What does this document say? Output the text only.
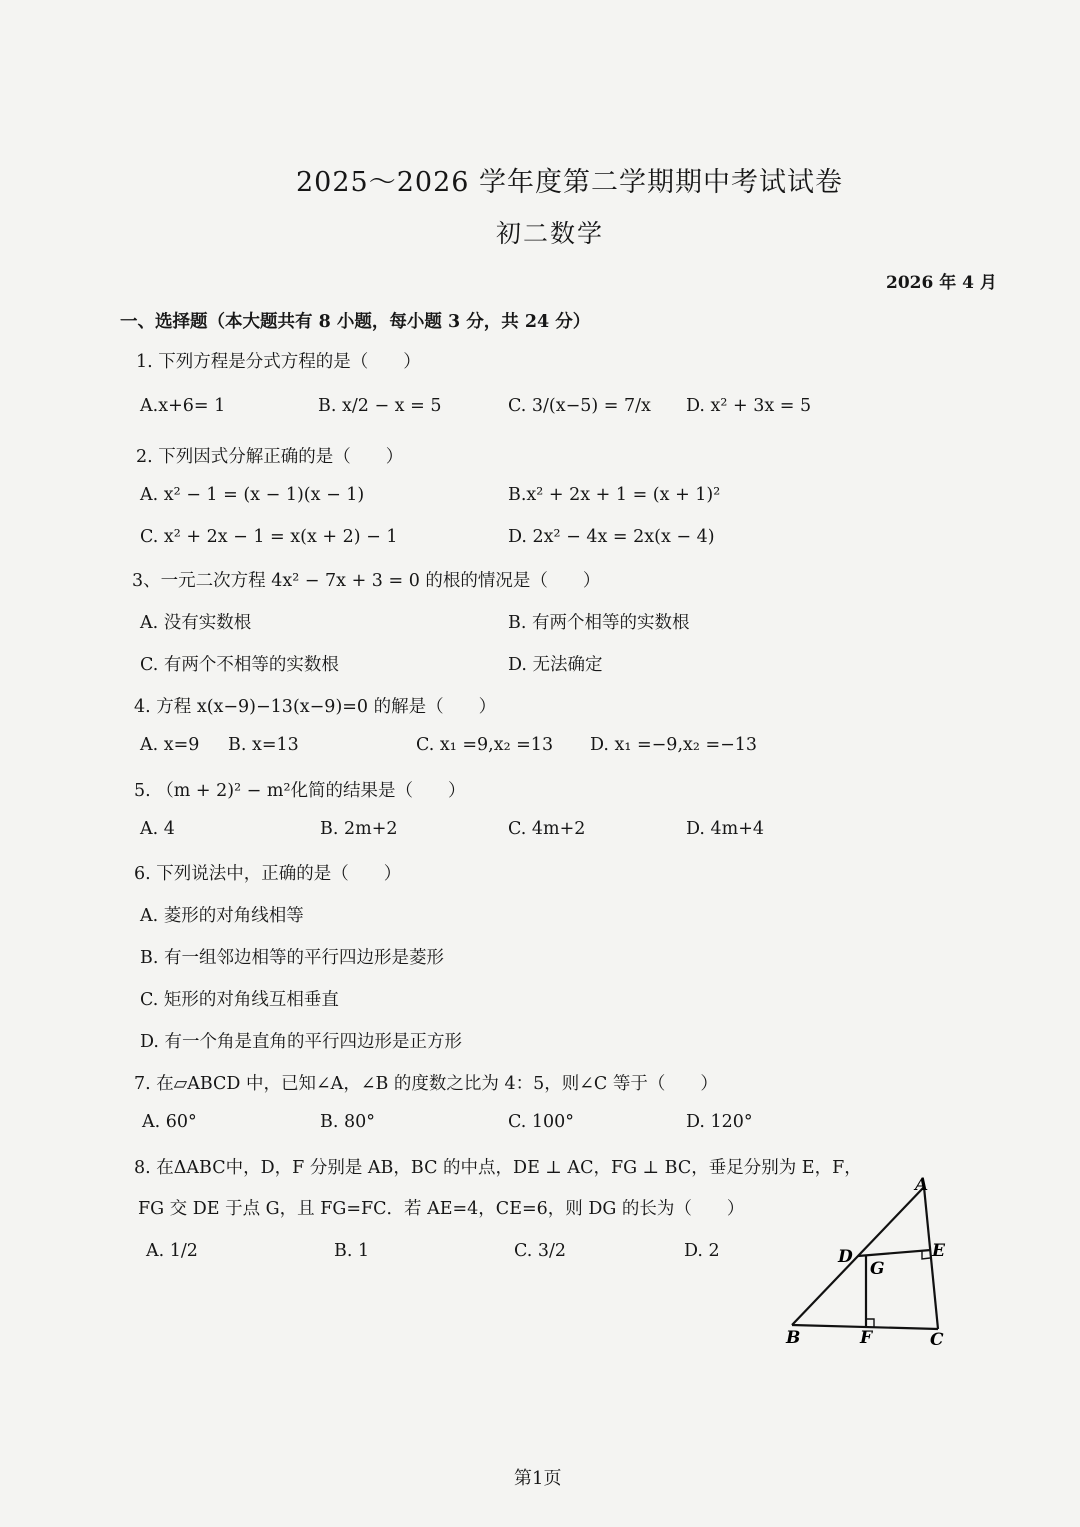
2025～2026 学年度第二学期期中考试试卷
初二数学
2026 年 4 月
一、选择题（本大题共有 8 小题，每小题 3 分，共 24 分）
1. 下列方程是分式方程的是（　　）
A.x+6= 1	B. x/2 − x = 5	C. 3/(x−5) = 7/x D. x² + 3x = 5
2. 下列因式分解正确的是（　　）
A. x² − 1 = (x − 1)(x − 1)	B.x² + 2x + 1 = (x + 1)²
C. x² + 2x − 1 = x(x + 2) − 1	D. 2x² − 4x = 2x(x − 4)
3、一元二次方程 4x² − 7x + 3 = 0 的根的情况是（　　）
A. 没有实数根	B. 有两个相等的实数根
C. 有两个不相等的实数根	D. 无法确定
4. 方程 x(x−9)−13(x−9)=0 的解是（　　）
A. x=9 B. x=13	C. x₁ =9,x₂ =13 D. x₁ =−9,x₂ =−13
5. （m + 2)² − m²化简的结果是（　　）
A. 4	B. 2m+2	C. 4m+2	D. 4m+4
6. 下列说法中，正确的是（　　）
A. 菱形的对角线相等
B. 有一组邻边相等的平行四边形是菱形
C. 矩形的对角线互相垂直
D. 有一个角是直角的平行四边形是正方形
7. 在▱ABCD 中，已知∠A，∠B 的度数之比为 4：5，则∠C 等于（　　）
A. 60°	B. 80°	C. 100°	D. 120°
8. 在ΔABC中，D，F 分别是 AB，BC 的中点，DE ⊥ AC，FG ⊥ BC，垂足分别为 E，F，
FG 交 DE 于点 G，且 FG=FC．若 AE=4，CE=6，则 DG 的长为（　　）
A. 1/2	B. 1	C. 3/2	D. 2
A
D	E
G
B	F	C
第1页
